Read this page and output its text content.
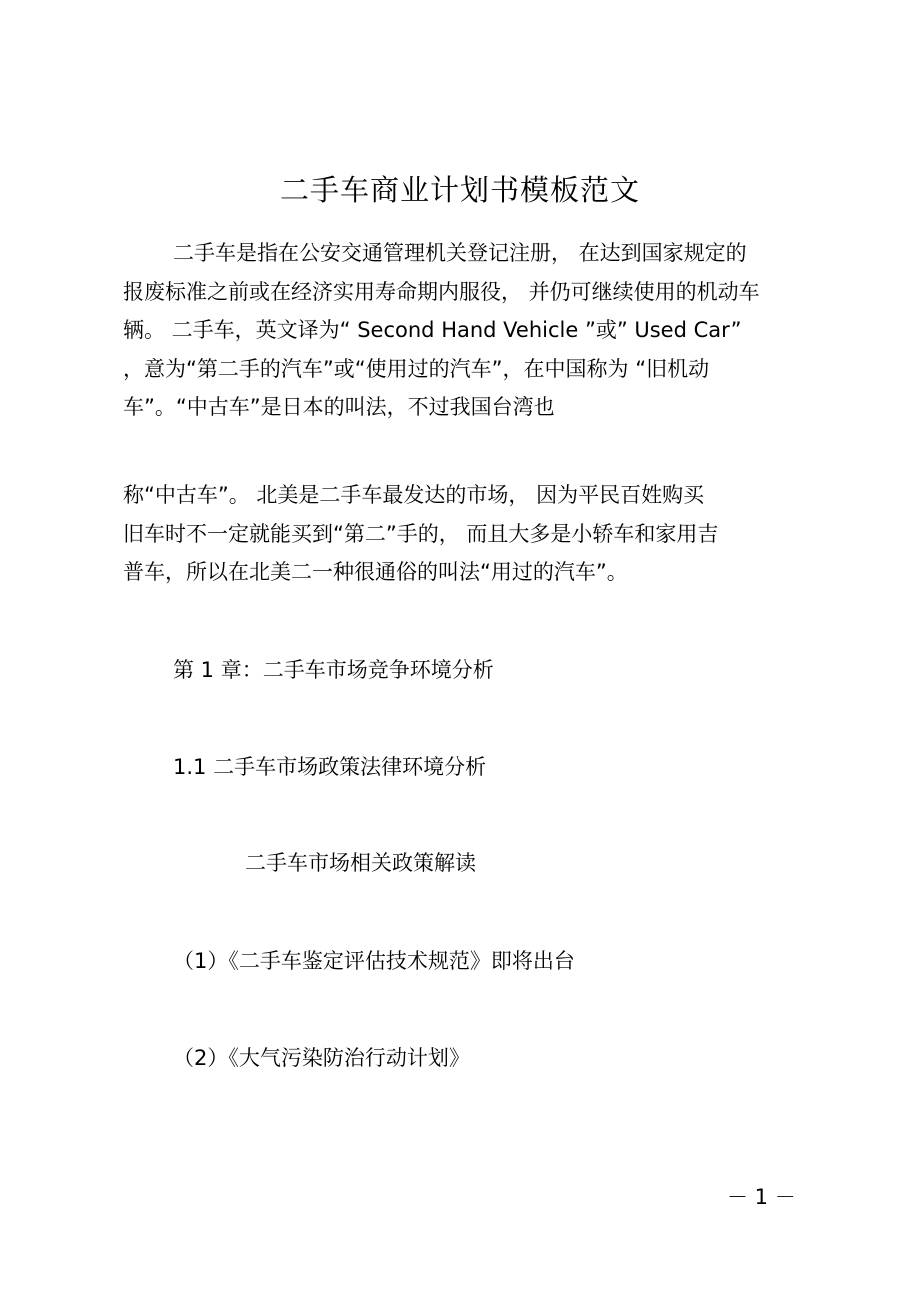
二手车商业计划书模板范文
二手车是指在公安交通管理机关登记注册， 在达到国家规定的
报废标准之前或在经济实用寿命期内服役， 并仍可继续使用的机动车
辆。 二手车，英文译为“ Second Hand Vehicle ”或” Used Car”
，意为“第二手的汽车”或“使用过的汽车”，在中国称为 “旧机动
车”。“中古车”是日本的叫法，不过我国台湾也
称“中古车”。 北美是二手车最发达的市场， 因为平民百姓购买
旧车时不一定就能买到“第二”手的， 而且大多是小轿车和家用吉
普车，所以在北美二一种很通俗的叫法“用过的汽车”。
第 1 章：二手车市场竞争环境分析
1.1 二手车市场政策法律环境分析
二手车市场相关政策解读
（1）《二手车鉴定评估技术规范》即将出台
（2）《大气污染防治行动计划》
－ 1 －
